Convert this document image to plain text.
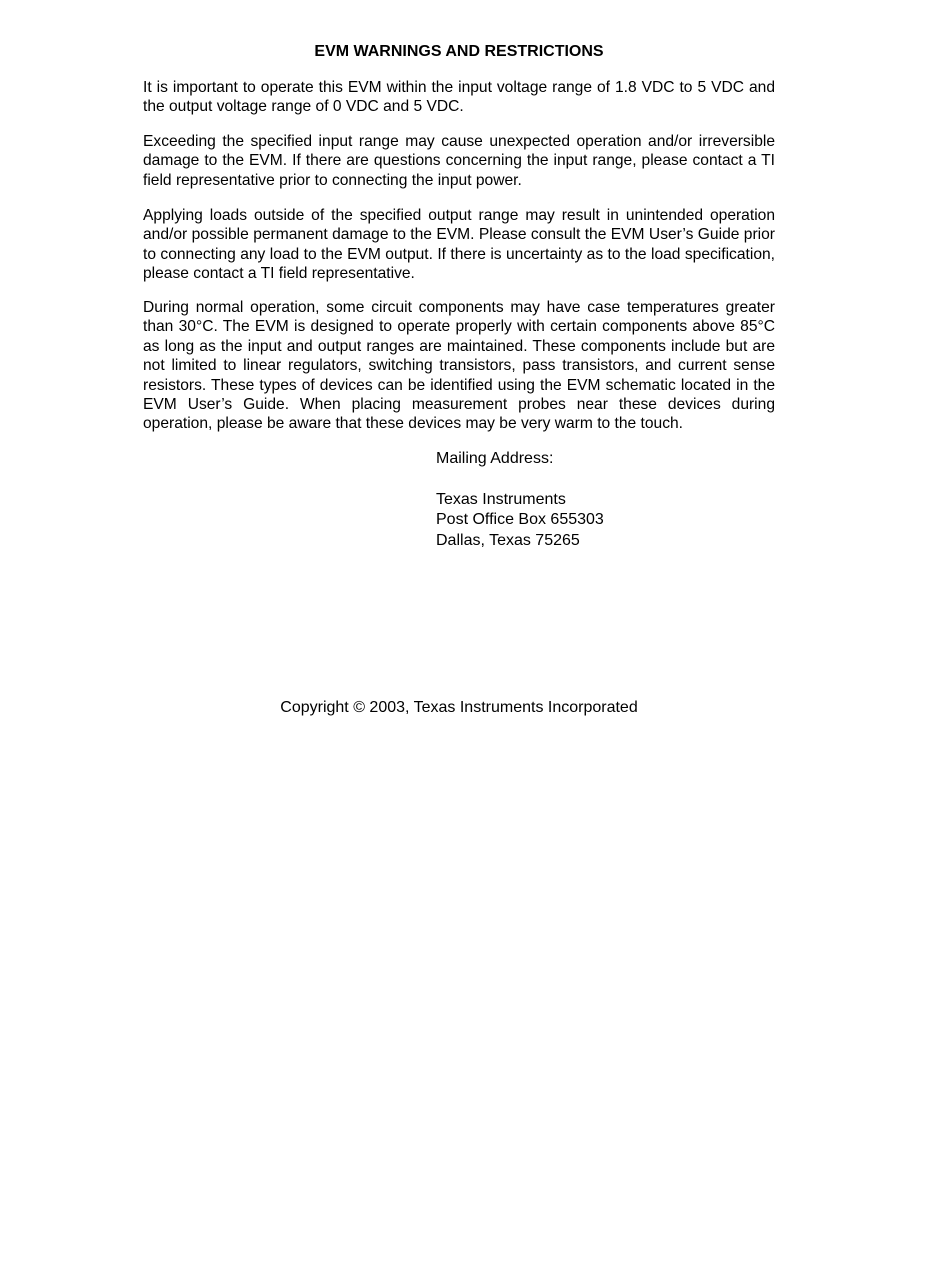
EVM WARNINGS AND RESTRICTIONS

It is important to operate this EVM within the input voltage range of 1.8 VDC to 5 VDC and the output voltage range of 0 VDC and 5 VDC.

Exceeding the specified input range may cause unexpected operation and/or irreversible damage to the EVM. If there are questions concerning the input range, please contact a TI field representative prior to connecting the input power.

Applying loads outside of the specified output range may result in unintended operation and/or possible permanent damage to the EVM. Please consult the EVM User’s Guide prior to connecting any load to the EVM output. If there is uncertainty as to the load specification, please contact a TI field representative.

During normal operation, some circuit components may have case temperatures greater than 30°C. The EVM is designed to operate properly with certain components above 85°C as long as the input and output ranges are maintained. These components include but are not limited to linear regulators, switching transistors, pass transistors, and current sense resistors. These types of devices can be identified using the EVM schematic located in the EVM User’s Guide. When placing measurement probes near these devices during operation, please be aware that these devices may be very warm to the touch.

Mailing Address:
Texas Instruments
Post Office Box 655303
Dallas, Texas 75265

Copyright © 2003, Texas Instruments Incorporated
